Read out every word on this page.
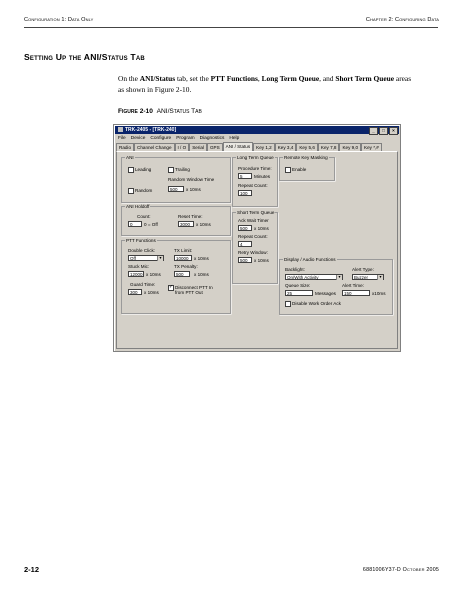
Configuration 1: Data Only	Chapter 2: Configuring Data
Setting Up the ANI/Status Tab
On the ANI/Status tab, set the PTT Functions, Long Term Queue, and Short Term Queue areas as shown in Figure 2-10.
Figure 2-10 ANI/Status Tab
TRK-2405 - [TRK-240]	_	□	×
File Device Configure Program Diagnostics Help
Radio	Channel Change	I / O	Serial	GPS	ANI / Status	Key 1,2	Key 3,4	Key 5,6	Key 7,8	Key 9,0	Key *,#
ANI
Leading	Trailing
Random Window Time
Random	500	x 10ms
ANI Holdoff
Count:
0	0 = Off
Reset Time:
3000	x 10ms
PTT Functions
Double Click:
Off	▼
TX Limit:
10000	x 10ms
Stuck Mic:
12000 x 10ms
TX Penalty:
500	x 10ms
Guard Time:
300	x 10ms
✓
Disconnect PTT In from PTT Out
Long Term Queue
Procedure Time:
5	Minutes
Repeat Count:
100
Short Term Queue
Ack Wait Timer
500	x 10ms
Repeat Count:
4
Retry Window:
500	x 10ms
Remote Key Masking
Enable
Display / Audio Functions
Backlight:
On/With Activity	▼
Alert Type:
Buzzer	▼
Queue Size:
25	Messages
Alert Time:
150	x10ms
Disable Work Order Ack
2-12	6881006Y37-D October 2005
